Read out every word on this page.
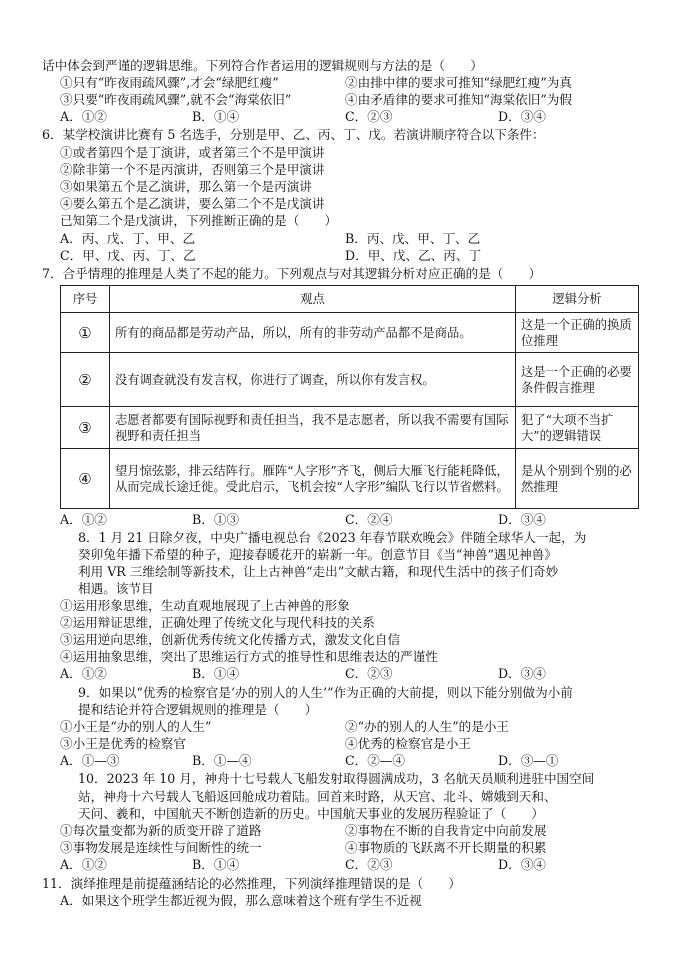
话中体会到严谨的逻辑思维。下列符合作者运用的逻辑规则与方法的是（　　）
①只有“昨夜雨疏风骤”,才会“绿肥红瘦”	②由排中律的要求可推知“绿肥红瘦”为真
③只要“昨夜雨疏风骤”,就不会“海棠依旧”	④由矛盾律的要求可推知“海棠依旧”为假
A．①②	B．①④	C．②③	D．③④
6．某学校演讲比赛有 5 名选手，分别是甲、乙、丙、丁、戊。若演讲顺序符合以下条件：
①或者第四个是丁演讲，或者第三个不是甲演讲
②除非第一个不是丙演讲，否则第三个是甲演讲
③如果第五个是乙演讲，那么第一个是丙演讲
④要么第五个是乙演讲，要么第二个不是戊演讲
已知第二个是戊演讲，下列推断正确的是（　　）
A．丙、戊、丁、甲、乙	B．丙、戊、甲、丁、乙
C．甲、戊、丙、丁、乙	D．甲、戊、乙、丙、丁
7．合乎情理的推理是人类了不起的能力。下列观点与对其逻辑分析对应正确的是（　　）
序号	观点	逻辑分析
①	所有的商品都是劳动产品，所以，所有的非劳动产品都不是商品。	这是一个正确的换质位推理
②	没有调查就没有发言权，你进行了调查，所以你有发言权。	这是一个正确的必要条件假言推理
③	志愿者都要有国际视野和责任担当，我不是志愿者，所以我不需要有国际视野和责任担当	犯了“大项不当扩大”的逻辑错误
④	望月惊弦影，排云结阵行。雁阵“人字形”齐飞，侧后大雁飞行能耗降低，从而完成长途迁徙。受此启示，飞机会按“人字形”编队飞行以节省燃料。	是从个别到个别的必然推理
A．①②	B．①③	C．②④	D．③④
8．1 月 21 日除夕夜，中央广播电视总台《2023 年春节联欢晚会》伴随全球华人一起，为
癸卯兔年播下希望的种子，迎接春暖花开的崭新一年。创意节目《当“神兽”遇见神兽》
利用 VR 三维绘制等新技术，让上古神兽“走出”文献古籍，和现代生活中的孩子们奇妙
相遇。该节目
①运用形象思维，生动直观地展现了上古神兽的形象
②运用辩证思维，正确处理了传统文化与现代科技的关系
③运用逆向思维，创新优秀传统文化传播方式，激发文化自信
④运用抽象思维，突出了思维运行方式的推导性和思维表达的严谨性
A．①②	B．①④	C．②③	D．③④
9．如果以“优秀的检察官是‘办的别人的人生’”作为正确的大前提，则以下能分别做为小前
提和结论并符合逻辑规则的推理是（　　）
①小王是“办的别人的人生”	②“办的别人的人生”的是小王
③小王是优秀的检察官	④优秀的检察官是小王
A．①—③	B．①—④	C．②—④	D．③—①
10．2023 年 10 月，神舟十七号载人飞船发射取得圆满成功，3 名航天员顺利进驻中国空间
站，神舟十六号载人飞船返回舱成功着陆。回首来时路，从天宫、北斗、嫦娥到天和、
天问、羲和，中国航天不断创造新的历史。中国航天事业的发展历程验证了（　　）
①每次量变都为新的质变开辟了道路	②事物在不断的自我肯定中向前发展
③事物发展是连续性与间断性的统一	④事物质的飞跃离不开长期量的积累
A．①②	B．①④	C．②③	D．③④
11．演绎推理是前提蕴涵结论的必然推理，下列演绎推理错误的是（　　）
A．如果这个班学生都近视为假，那么意味着这个班有学生不近视
